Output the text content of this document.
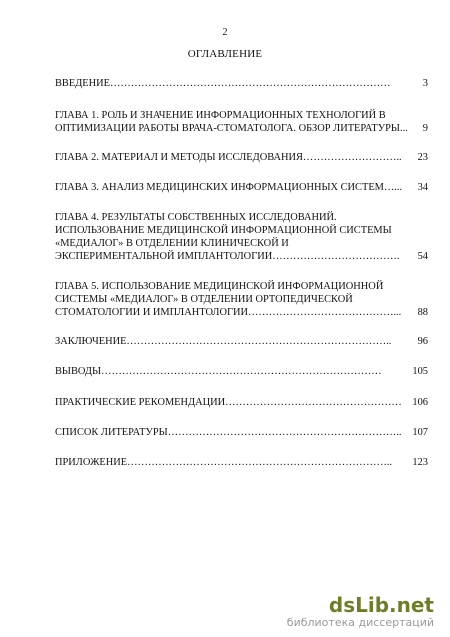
2
ОГЛАВЛЕНИЕ
ВВЕДЕНИЕ………………………………………………………………………	3
ГЛАВА 1. РОЛЬ И ЗНАЧЕНИЕ ИНФОРМАЦИОННЫХ ТЕХНОЛОГИЙ В
ОПТИМИЗАЦИИ РАБОТЫ ВРАЧА-СТОМАТОЛОГА. ОБЗОР ЛИТЕРАТУРЫ...	9
ГЛАВА 2. МАТЕРИАЛ И МЕТОДЫ ИССЛЕДОВАНИЯ………………………..	23
ГЛАВА 3. АНАЛИЗ МЕДИЦИНСКИХ ИНФОРМАЦИОННЫХ СИСТЕМ…...	34
ГЛАВА 4. РЕЗУЛЬТАТЫ СОБСТВЕННЫХ ИССЛЕДОВАНИЙ.
ИСПОЛЬЗОВАНИЕ МЕДИЦИНСКОЙ ИНФОРМАЦИОННОЙ СИСТЕМЫ
«МЕДИАЛОГ» В ОТДЕЛЕНИИ КЛИНИЧЕСКОЙ И
ЭКСПЕРИМЕНТАЛЬНОЙ ИМПЛАНТОЛОГИИ……………………………….	54
ГЛАВА 5. ИСПОЛЬЗОВАНИЕ МЕДИЦИНСКОЙ ИНФОРМАЦИОННОЙ
СИСТЕМЫ «МЕДИАЛОГ» В ОТДЕЛЕНИИ ОРТОПЕДИЧЕСКОЙ
СТОМАТОЛОГИИ И ИМПЛАНТОЛОГИИ……………………………………...	88
ЗАКЛЮЧЕНИЕ…………………………………………………………………..	96
ВЫВОДЫ………………………………………………………………………	105
ПРАКТИЧЕСКИЕ РЕКОМЕНДАЦИИ……………………………………………	106
СПИСОК ЛИТЕРАТУРЫ…………………………………………………………..	107
ПРИЛОЖЕНИЕ…………………………………………………………………..	123
dsLib.net
библиотека диссертаций
